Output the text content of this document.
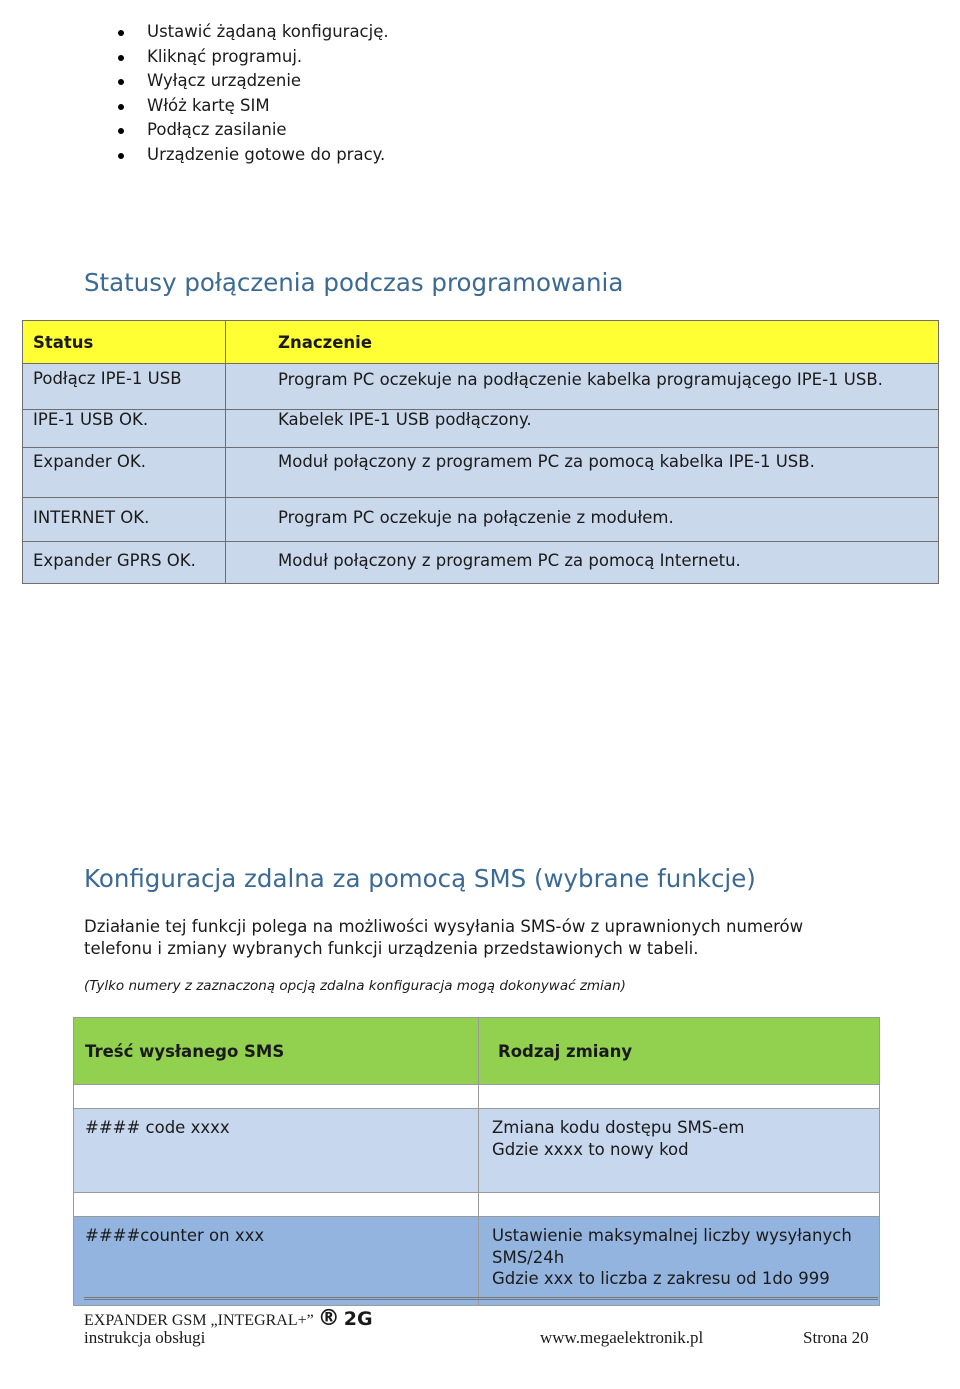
Ustawić żądaną konfigurację.
Kliknąć programuj.
Wyłącz urządzenie
Włóż kartę SIM
Podłącz zasilanie
Urządzenie gotowe do pracy.
Statusy połączenia podczas programowania
Status	Znaczenie
Podłącz IPE-1 USB	Program PC oczekuje na podłączenie kabelka programującego IPE-1 USB.
IPE-1 USB OK.	Kabelek IPE-1 USB podłączony.
Expander OK.	Moduł połączony z programem PC za pomocą kabelka IPE-1 USB.
INTERNET OK.	Program PC oczekuje na połączenie z modułem.
Expander GPRS OK.	Moduł połączony z programem PC za pomocą Internetu.
Konfiguracja zdalna za pomocą SMS (wybrane funkcje)

Działanie tej funkcji polega na możliwości wysyłania SMS-ów z uprawnionych numerów telefonu i zmiany wybranych funkcji urządzenia przedstawionych w tabeli.

(Tylko numery z zaznaczoną opcją zdalna konfiguracja mogą dokonywać zmian)

Treść wysłanego SMS	Rodzaj zmiany

#### code xxxx	Zmiana kodu dostępu SMS-em
Gdzie xxxx to nowy kod

####counter on xxx	Ustawienie maksymalnej liczby wysyłanych SMS/24h
Gdzie xxx to liczba z zakresu od 1do 999
EXPANDER GSM „INTEGRAL+” ® 2G
instrukcja obsługi	www.megaelektronik.pl	Strona 20
